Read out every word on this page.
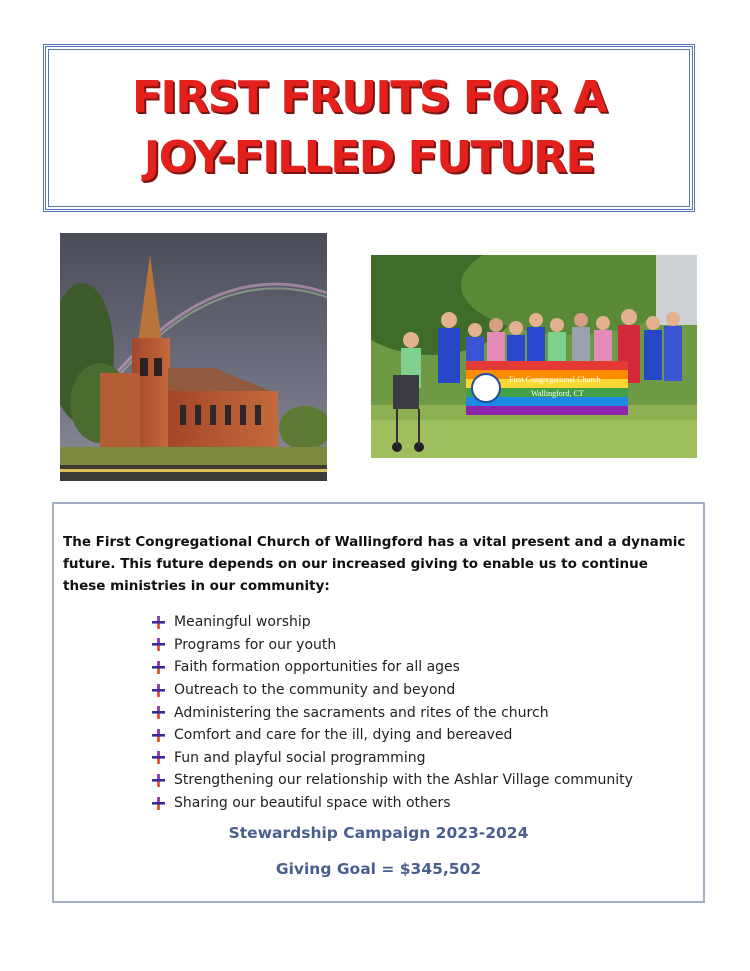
FIRST FRUITS FOR A
JOY-FILLED FUTURE
First Congregational Church
Wallingford, CT

The First Congregational Church of Wallingford has a vital present and a dynamic future. This future depends on our increased giving to enable us to continue these ministries in our community:

Meaningful worship
Programs for our youth
Faith formation opportunities for all ages
Outreach to the community and beyond
Administering the sacraments and rites of the church
Comfort and care for the ill, dying and bereaved
Fun and playful social programming
Strengthening our relationship with the Ashlar Village community
Sharing our beautiful space with others
Stewardship Campaign 2023-2024
Giving Goal = $345,502
